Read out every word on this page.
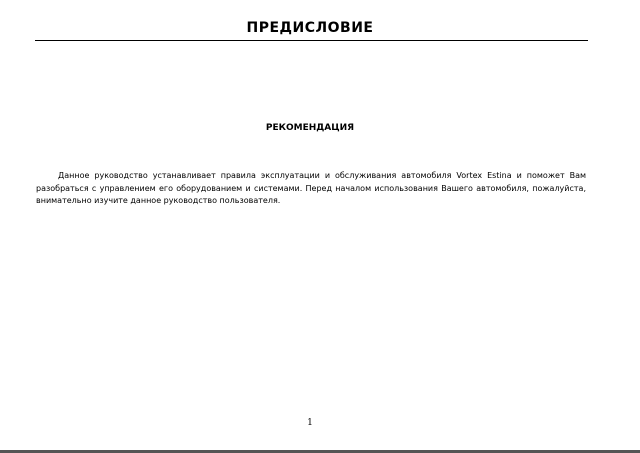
ПРЕДИСЛОВИЕ
РЕКОМЕНДАЦИЯ

Данное руководство устанавливает правила эксплуатации и обслуживания автомобиля Vortex Estina и поможет Вам разобраться с управлением его оборудованием и системами. Перед началом использования Вашего автомобиля, пожалуйста, внимательно изучите данное руководство пользователя.

1
